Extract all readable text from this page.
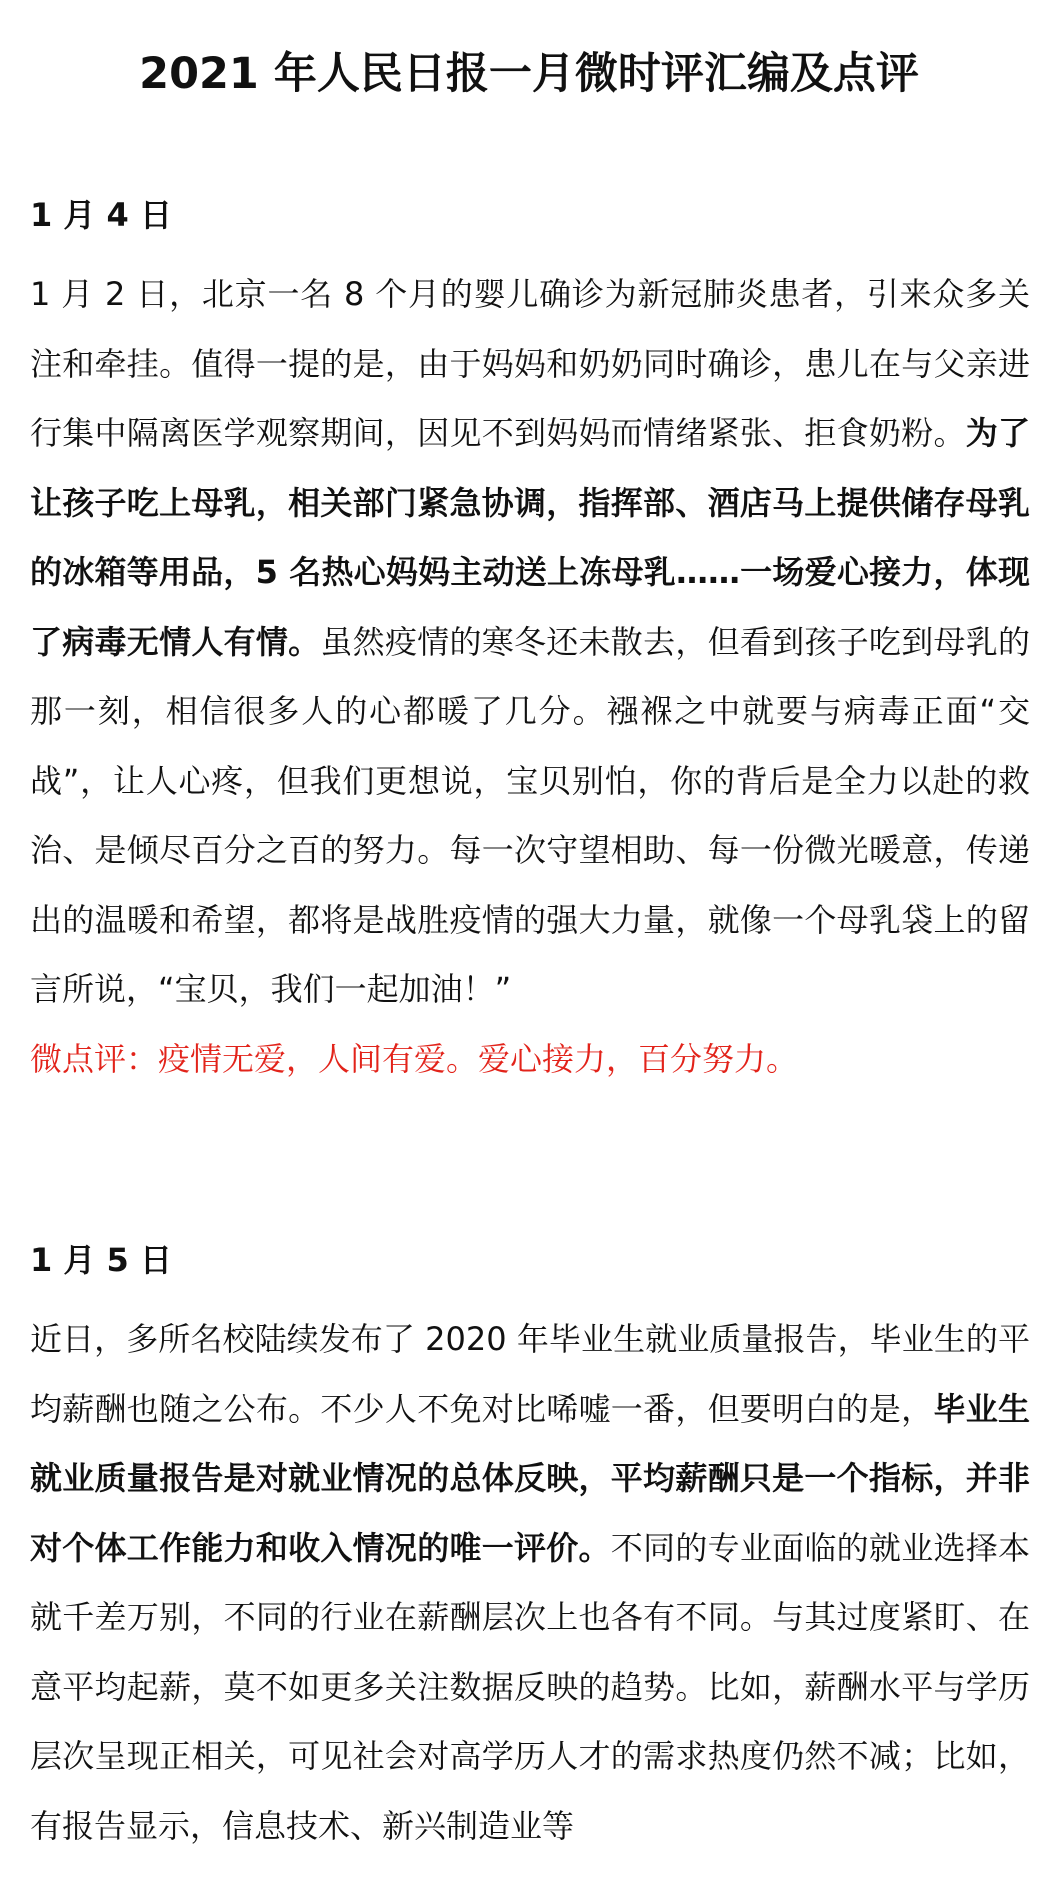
2021 年人民日报一月微时评汇编及点评

1 月 4 日

1 月 2 日，北京一名 8 个月的婴儿确诊为新冠肺炎患者，引来众多关注和牵挂。值得一提的是，由于妈妈和奶奶同时确诊，患儿在与父亲进行集中隔离医学观察期间，因见不到妈妈而情绪紧张、拒食奶粉。为了让孩子吃上母乳，相关部门紧急协调，指挥部、酒店马上提供储存母乳的冰箱等用品，5 名热心妈妈主动送上冻母乳……一场爱心接力，体现了病毒无情人有情。虽然疫情的寒冬还未散去，但看到孩子吃到母乳的那一刻，相信很多人的心都暖了几分。襁褓之中就要与病毒正面“交战”，让人心疼，但我们更想说，宝贝别怕，你的背后是全力以赴的救治、是倾尽百分之百的努力。每一次守望相助、每一份微光暖意，传递出的温暖和希望，都将是战胜疫情的强大力量，就像一个母乳袋上的留言所说，“宝贝，我们一起加油！”

微点评：疫情无爱，人间有爱。爱心接力，百分努力。

1 月 5 日

近日，多所名校陆续发布了 2020 年毕业生就业质量报告，毕业生的平均薪酬也随之公布。不少人不免对比唏嘘一番，但要明白的是，毕业生就业质量报告是对就业情况的总体反映，平均薪酬只是一个指标，并非对个体工作能力和收入情况的唯一评价。不同的专业面临的就业选择本就千差万别，不同的行业在薪酬层次上也各有不同。与其过度紧盯、在意平均起薪，莫不如更多关注数据反映的趋势。比如，薪酬水平与学历层次呈现正相关，可见社会对高学历人才的需求热度仍然不减；比如，有报告显示，信息技术、新兴制造业等
